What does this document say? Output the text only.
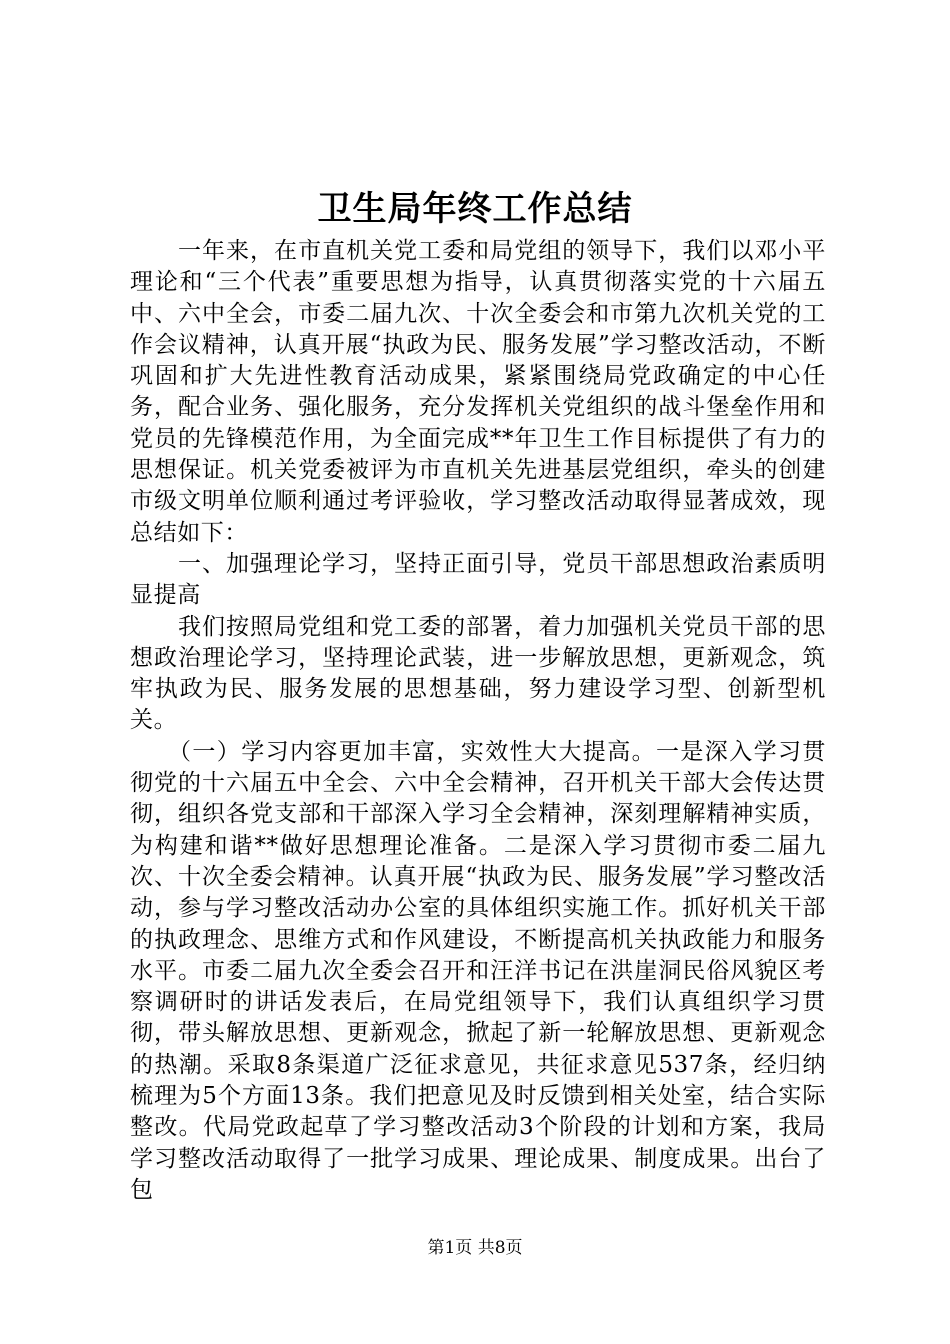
卫生局年终工作总结

一年来，在市直机关党工委和局党组的领导下，我们以邓小平理论和“三个代表”重要思想为指导，认真贯彻落实党的十六届五中、六中全会，市委二届九次、十次全委会和市第九次机关党的工作会议精神，认真开展“执政为民、服务发展”学习整改活动，不断巩固和扩大先进性教育活动成果，紧紧围绕局党政确定的中心任务，配合业务、强化服务，充分发挥机关党组织的战斗堡垒作用和党员的先锋模范作用，为全面完成**年卫生工作目标提供了有力的思想保证。机关党委被评为市直机关先进基层党组织，牵头的创建市级文明单位顺利通过考评验收，学习整改活动取得显著成效，现总结如下：

一、加强理论学习，坚持正面引导，党员干部思想政治素质明显提高

我们按照局党组和党工委的部署，着力加强机关党员干部的思想政治理论学习，坚持理论武装，进一步解放思想，更新观念，筑牢执政为民、服务发展的思想基础，努力建设学习型、创新型机关。

（一）学习内容更加丰富，实效性大大提高。一是深入学习贯彻党的十六届五中全会、六中全会精神，召开机关干部大会传达贯彻，组织各党支部和干部深入学习全会精神，深刻理解精神实质，为构建和谐**做好思想理论准备。二是深入学习贯彻市委二届九次、十次全委会精神。认真开展“执政为民、服务发展”学习整改活动，参与学习整改活动办公室的具体组织实施工作。抓好机关干部的执政理念、思维方式和作风建设，不断提高机关执政能力和服务水平。市委二届九次全委会召开和汪洋书记在洪崖洞民俗风貌区考察调研时的讲话发表后，在局党组领导下，我们认真组织学习贯彻，带头解放思想、更新观念，掀起了新一轮解放思想、更新观念的热潮。采取8条渠道广泛征求意见，共征求意见537条，经归纳梳理为5个方面13条。我们把意见及时反馈到相关处室，结合实际整改。代局党政起草了学习整改活动3个阶段的计划和方案，我局学习整改活动取得了一批学习成果、理论成果、制度成果。出台了包

第1页 共8页
